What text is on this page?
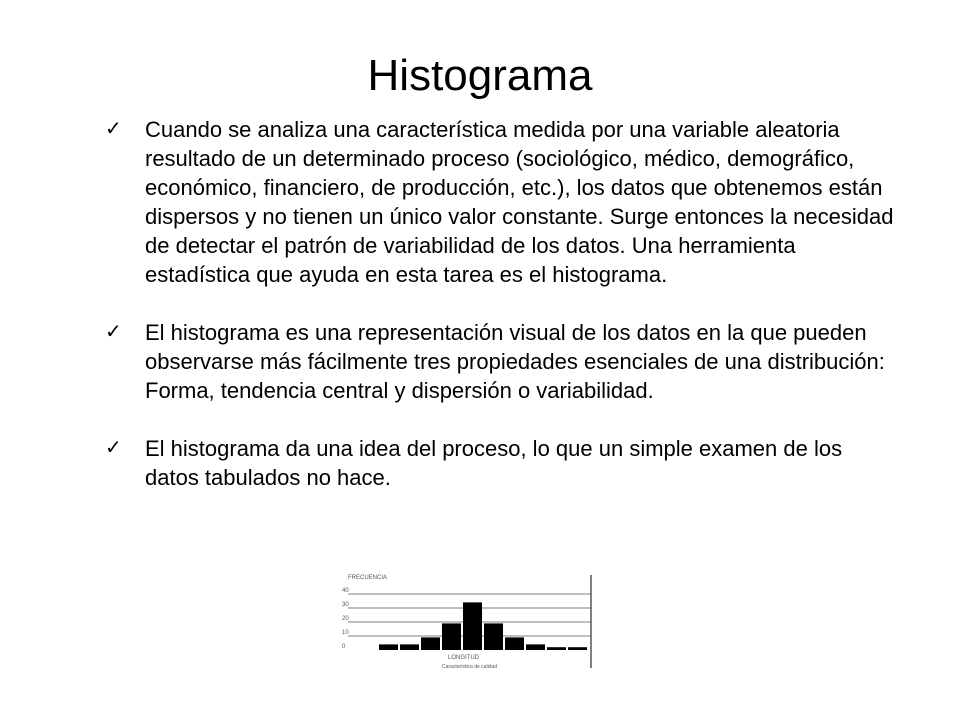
Histograma
✓ Cuando se analiza una característica medida por una variable aleatoria resultado de un determinado proceso (sociológico, médico, demográfico, económico, financiero, de producción, etc.), los datos que obtenemos están dispersos y no tienen un único valor constante. Surge entonces la necesidad de detectar el patrón de variabilidad de los datos. Una herramienta estadística que ayuda en esta tarea es el histograma.
✓ El histograma es una representación visual de los datos en la que pueden observarse más fácilmente tres propiedades esenciales de una distribución: Forma, tendencia central y dispersión o variabilidad.
✓ El histograma da una idea del proceso, lo que un simple examen de los datos tabulados no hace.
FRECUENCIA
0
10
20
30
40
LONGITUD
Característica de calidad
